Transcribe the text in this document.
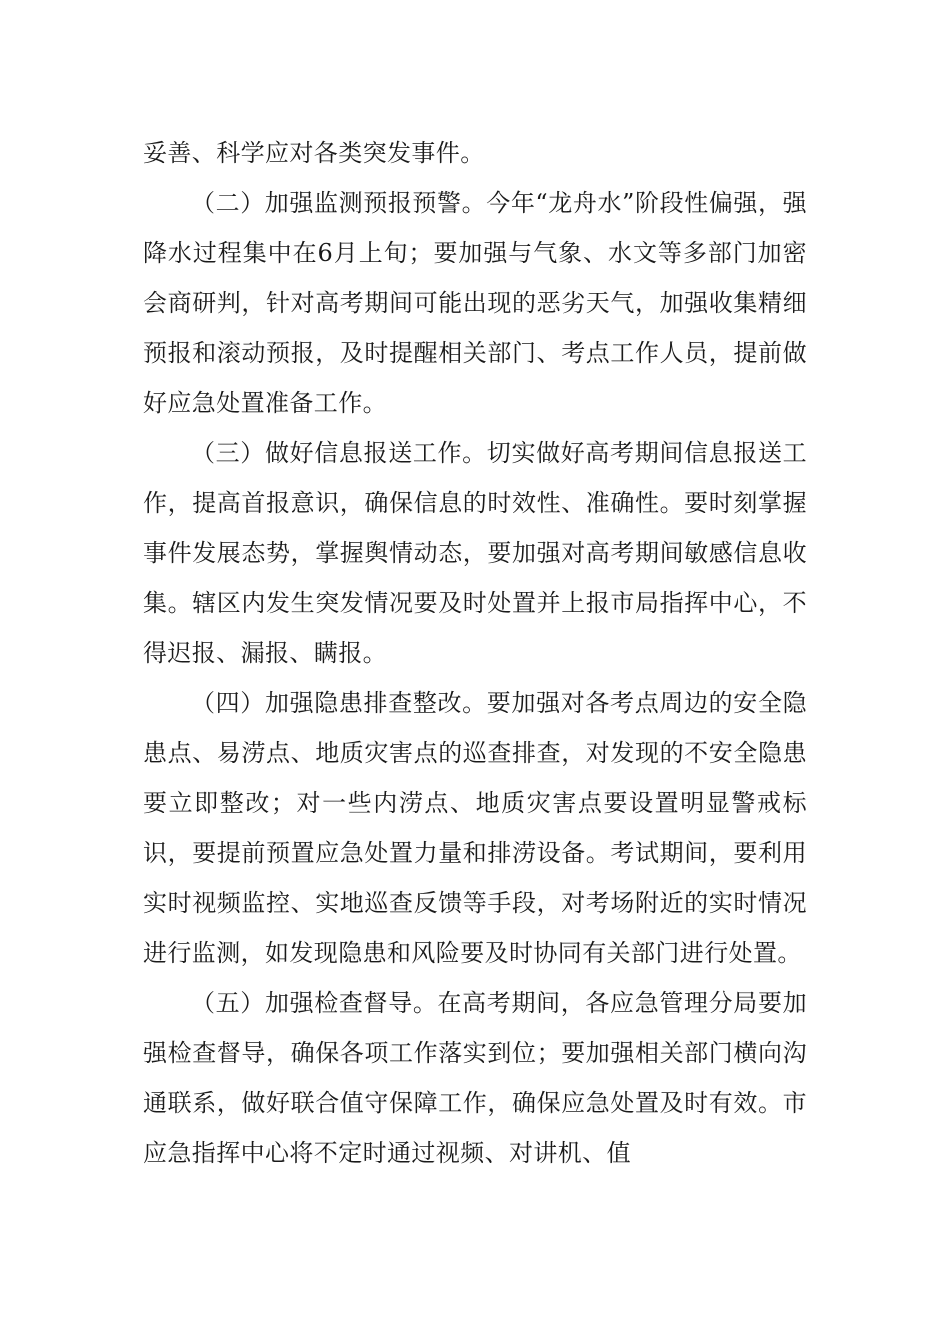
妥善、科学应对各类突发事件。

（二）加强监测预报预警。今年“龙舟水”阶段性偏强，强降水过程集中在6月上旬；要加强与气象、水文等多部门加密会商研判，针对高考期间可能出现的恶劣天气，加强收集精细预报和滚动预报，及时提醒相关部门、考点工作人员，提前做好应急处置准备工作。

（三）做好信息报送工作。切实做好高考期间信息报送工作，提高首报意识，确保信息的时效性、准确性。要时刻掌握事件发展态势，掌握舆情动态，要加强对高考期间敏感信息收集。辖区内发生突发情况要及时处置并上报市局指挥中心，不得迟报、漏报、瞒报。

（四）加强隐患排查整改。要加强对各考点周边的安全隐患点、易涝点、地质灾害点的巡查排查，对发现的不安全隐患要立即整改；对一些内涝点、地质灾害点要设置明显警戒标识，要提前预置应急处置力量和排涝设备。考试期间，要利用实时视频监控、实地巡查反馈等手段，对考场附近的实时情况进行监测，如发现隐患和风险要及时协同有关部门进行处置。

（五）加强检查督导。在高考期间，各应急管理分局要加强检查督导，确保各项工作落实到位；要加强相关部门横向沟通联系，做好联合值守保障工作，确保应急处置及时有效。市应急指挥中心将不定时通过视频、对讲机、值
